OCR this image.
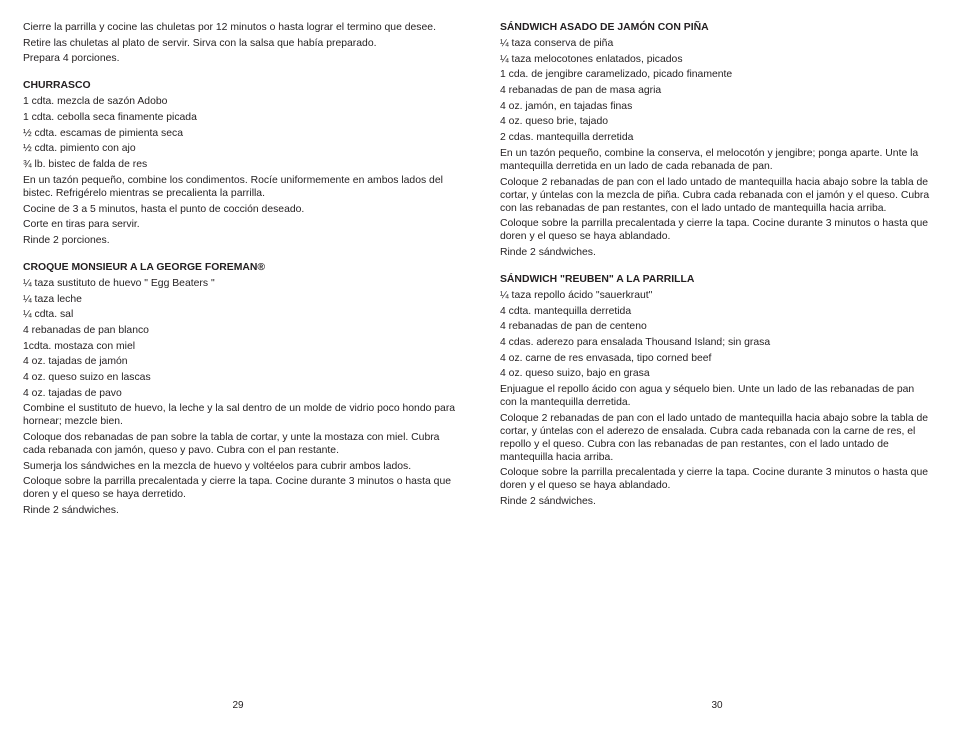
Cierre la parrilla y cocine las chuletas por 12 minutos o hasta lograr el termino que desee.

Retire las chuletas al plato de servir. Sirva con la salsa que había preparado.

Prepara 4 porciones.

CHURRASCO
1 cdta. mezcla de sazón Adobo
1 cdta. cebolla seca finamente picada
½ cdta. escamas de pimienta seca
½ cdta. pimiento con ajo
¾ lb. bistec de falda de res

En un tazón pequeño, combine los condimentos. Rocíe uniformemente en ambos lados del bistec. Refrigérelo mientras se precalienta la parrilla.

Cocine de 3 a 5 minutos, hasta el punto de cocción deseado.

Corte en tiras para servir.

Rinde 2 porciones.

CROQUE MONSIEUR A LA GEORGE FOREMAN®
¼ taza sustituto de huevo " Egg Beaters "
¼ taza leche
¼ cdta. sal
4 rebanadas de pan blanco
1cdta. mostaza con miel
4 oz. tajadas de jamón
4 oz. queso suizo en lascas
4 oz. tajadas de pavo

Combine el sustituto de huevo, la leche y la sal dentro de un molde de vidrio poco hondo para hornear; mezcle bien.

Coloque dos rebanadas de pan sobre la tabla de cortar, y unte la mostaza con miel. Cubra cada rebanada con jamón, queso y pavo. Cubra con el pan restante.

Sumerja los sándwiches en la mezcla de huevo y voltéelos para cubrir ambos lados.

Coloque sobre la parrilla precalentada y cierre la tapa. Cocine durante 3 minutos o hasta que doren y el queso se haya derretido.

Rinde 2 sándwiches.

29
SÁNDWICH ASADO DE JAMÓN CON PIÑA
¼ taza conserva de piña
¼ taza melocotones enlatados, picados
1 cda. de jengibre caramelizado, picado finamente
4 rebanadas de pan de masa agria
4 oz. jamón, en tajadas finas
4 oz. queso brie, tajado
2 cdas. mantequilla derretida

En un tazón pequeño, combine la conserva, el melocotón y jengibre; ponga aparte. Unte la mantequilla derretida en un lado de cada rebanada de pan.

Coloque 2 rebanadas de pan con el lado untado de mantequilla hacia abajo sobre la tabla de cortar, y úntelas con la mezcla de piña. Cubra cada rebanada con el jamón y el queso. Cubra con las rebanadas de pan restantes, con el lado untado de mantequilla hacia arriba.

Coloque sobre la parrilla precalentada y cierre la tapa. Cocine durante 3 minutos o hasta que doren y el queso se haya ablandado.

Rinde 2 sándwiches.

SÁNDWICH "REUBEN" A LA PARRILLA
¼ taza repollo ácido "sauerkraut"
4 cdta. mantequilla derretida
4 rebanadas de pan de centeno
4 cdas. aderezo para ensalada Thousand Island; sin grasa
4 oz. carne de res envasada, tipo corned beef
4 oz. queso suizo, bajo en grasa

Enjuague el repollo ácido con agua y séquelo bien. Unte un lado de las rebanadas de pan con la mantequilla derretida.

Coloque 2 rebanadas de pan con el lado untado de mantequilla hacia abajo sobre la tabla de cortar, y úntelas con el aderezo de ensalada. Cubra cada rebanada con la carne de res, el repollo y el queso. Cubra con las rebanadas de pan restantes, con el lado untado de mantequilla hacia arriba.

Coloque sobre la parrilla precalentada y cierre la tapa. Cocine durante 3 minutos o hasta que doren y el queso se haya ablandado.

Rinde 2 sándwiches.

30
